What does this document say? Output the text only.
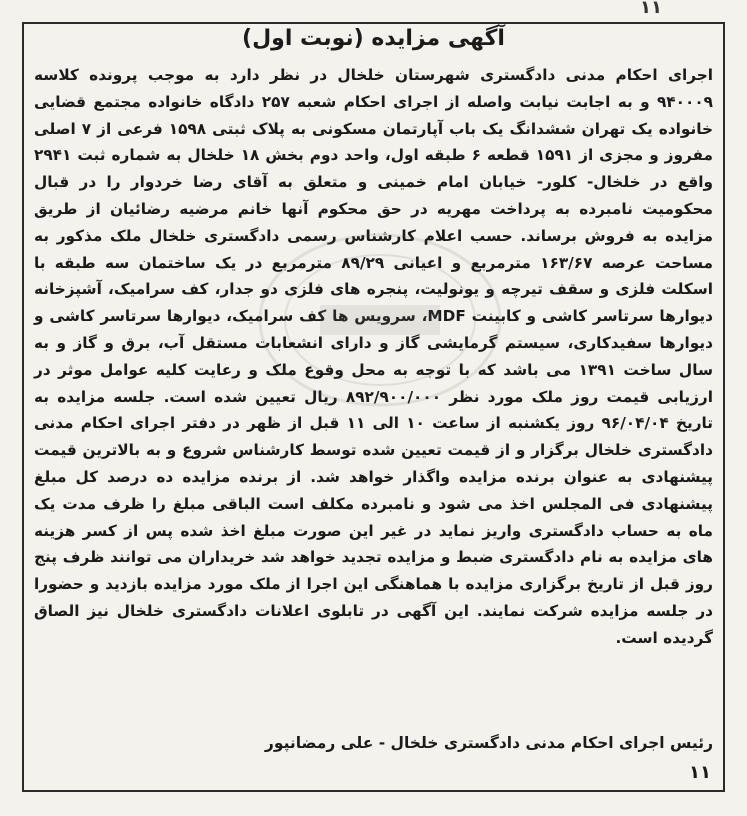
۱۱
آگهی مزایده (نوبت اول)

اجرای احکام مدنی دادگستری شهرستان خلخال در نظر دارد به موجب پرونده کلاسه ۹۴۰۰۰۹ و به اجابت نیابت واصله از اجرای احکام شعبه ۲۵۷ دادگاه خانواده مجتمع قضایی خانواده یک تهران ششدانگ یک باب آپارتمان مسکونی به پلاک ثبتی ۱۵۹۸ فرعی از ۷ اصلی مفروز و مجزی از ۱۵۹۱ قطعه ۶ طبقه اول، واحد دوم بخش ۱۸ خلخال به شماره ثبت ۲۹۴۱ واقع در خلخال- کلور- خیابان امام خمینی و متعلق به آقای رضا خردوار را در قبال محکومیت نامبرده به پرداخت مهریه در حق محکوم آنها خانم مرضیه رضائیان از طریق مزایده به فروش برساند. حسب اعلام کارشناس رسمی دادگستری خلخال ملک مذکور به مساحت عرصه ۱۶۳/۶۷ مترمربع و اعیانی ۸۹/۲۹ مترمربع در یک ساختمان سه طبقه با اسکلت فلزی و سقف تیرچه و یونولیت، پنجره های فلزی دو جدار، کف سرامیک، آشپزخانه دیوارها سرتاسر کاشی و کابینت MDF، سرویس ها کف سرامیک، دیوارها سرتاسر کاشی و دیوارها سفیدکاری، سیستم گرمایشی گاز و دارای انشعابات مستقل آب، برق و گاز و به سال ساخت ۱۳۹۱ می باشد که با توجه به محل وقوع ملک و رعایت کلیه عوامل موثر در ارزیابی قیمت روز ملک مورد نظر ۸۹۲/۹۰۰/۰۰۰ ریال تعیین شده است. جلسه مزایده به تاریخ ۹۶/۰۴/۰۴ روز یکشنبه از ساعت ۱۰ الی ۱۱ قبل از ظهر در دفتر اجرای احکام مدنی دادگستری خلخال برگزار و از قیمت تعیین شده توسط کارشناس شروع و به بالاترین قیمت پیشنهادی به عنوان برنده مزایده واگذار خواهد شد. از برنده مزایده ده درصد کل مبلغ پیشنهادی فی المجلس اخذ می شود و نامبرده مکلف است الباقی مبلغ را ظرف مدت یک ماه به حساب دادگستری واریز نماید در غیر این صورت مبلغ اخذ شده پس از کسر هزینه های مزایده به نام دادگستری ضبط و مزایده تجدید خواهد شد خریداران می توانند ظرف پنج روز قبل از تاریخ برگزاری مزایده با هماهنگی این اجرا از ملک مورد مزایده بازدید و حضورا در جلسه مزایده شرکت نمایند. این آگهی در تابلوی اعلانات دادگستری خلخال نیز الصاق گردیده است.

رئیس اجرای احکام مدنی دادگستری خلخال - علی رمضانپور
۱۱
